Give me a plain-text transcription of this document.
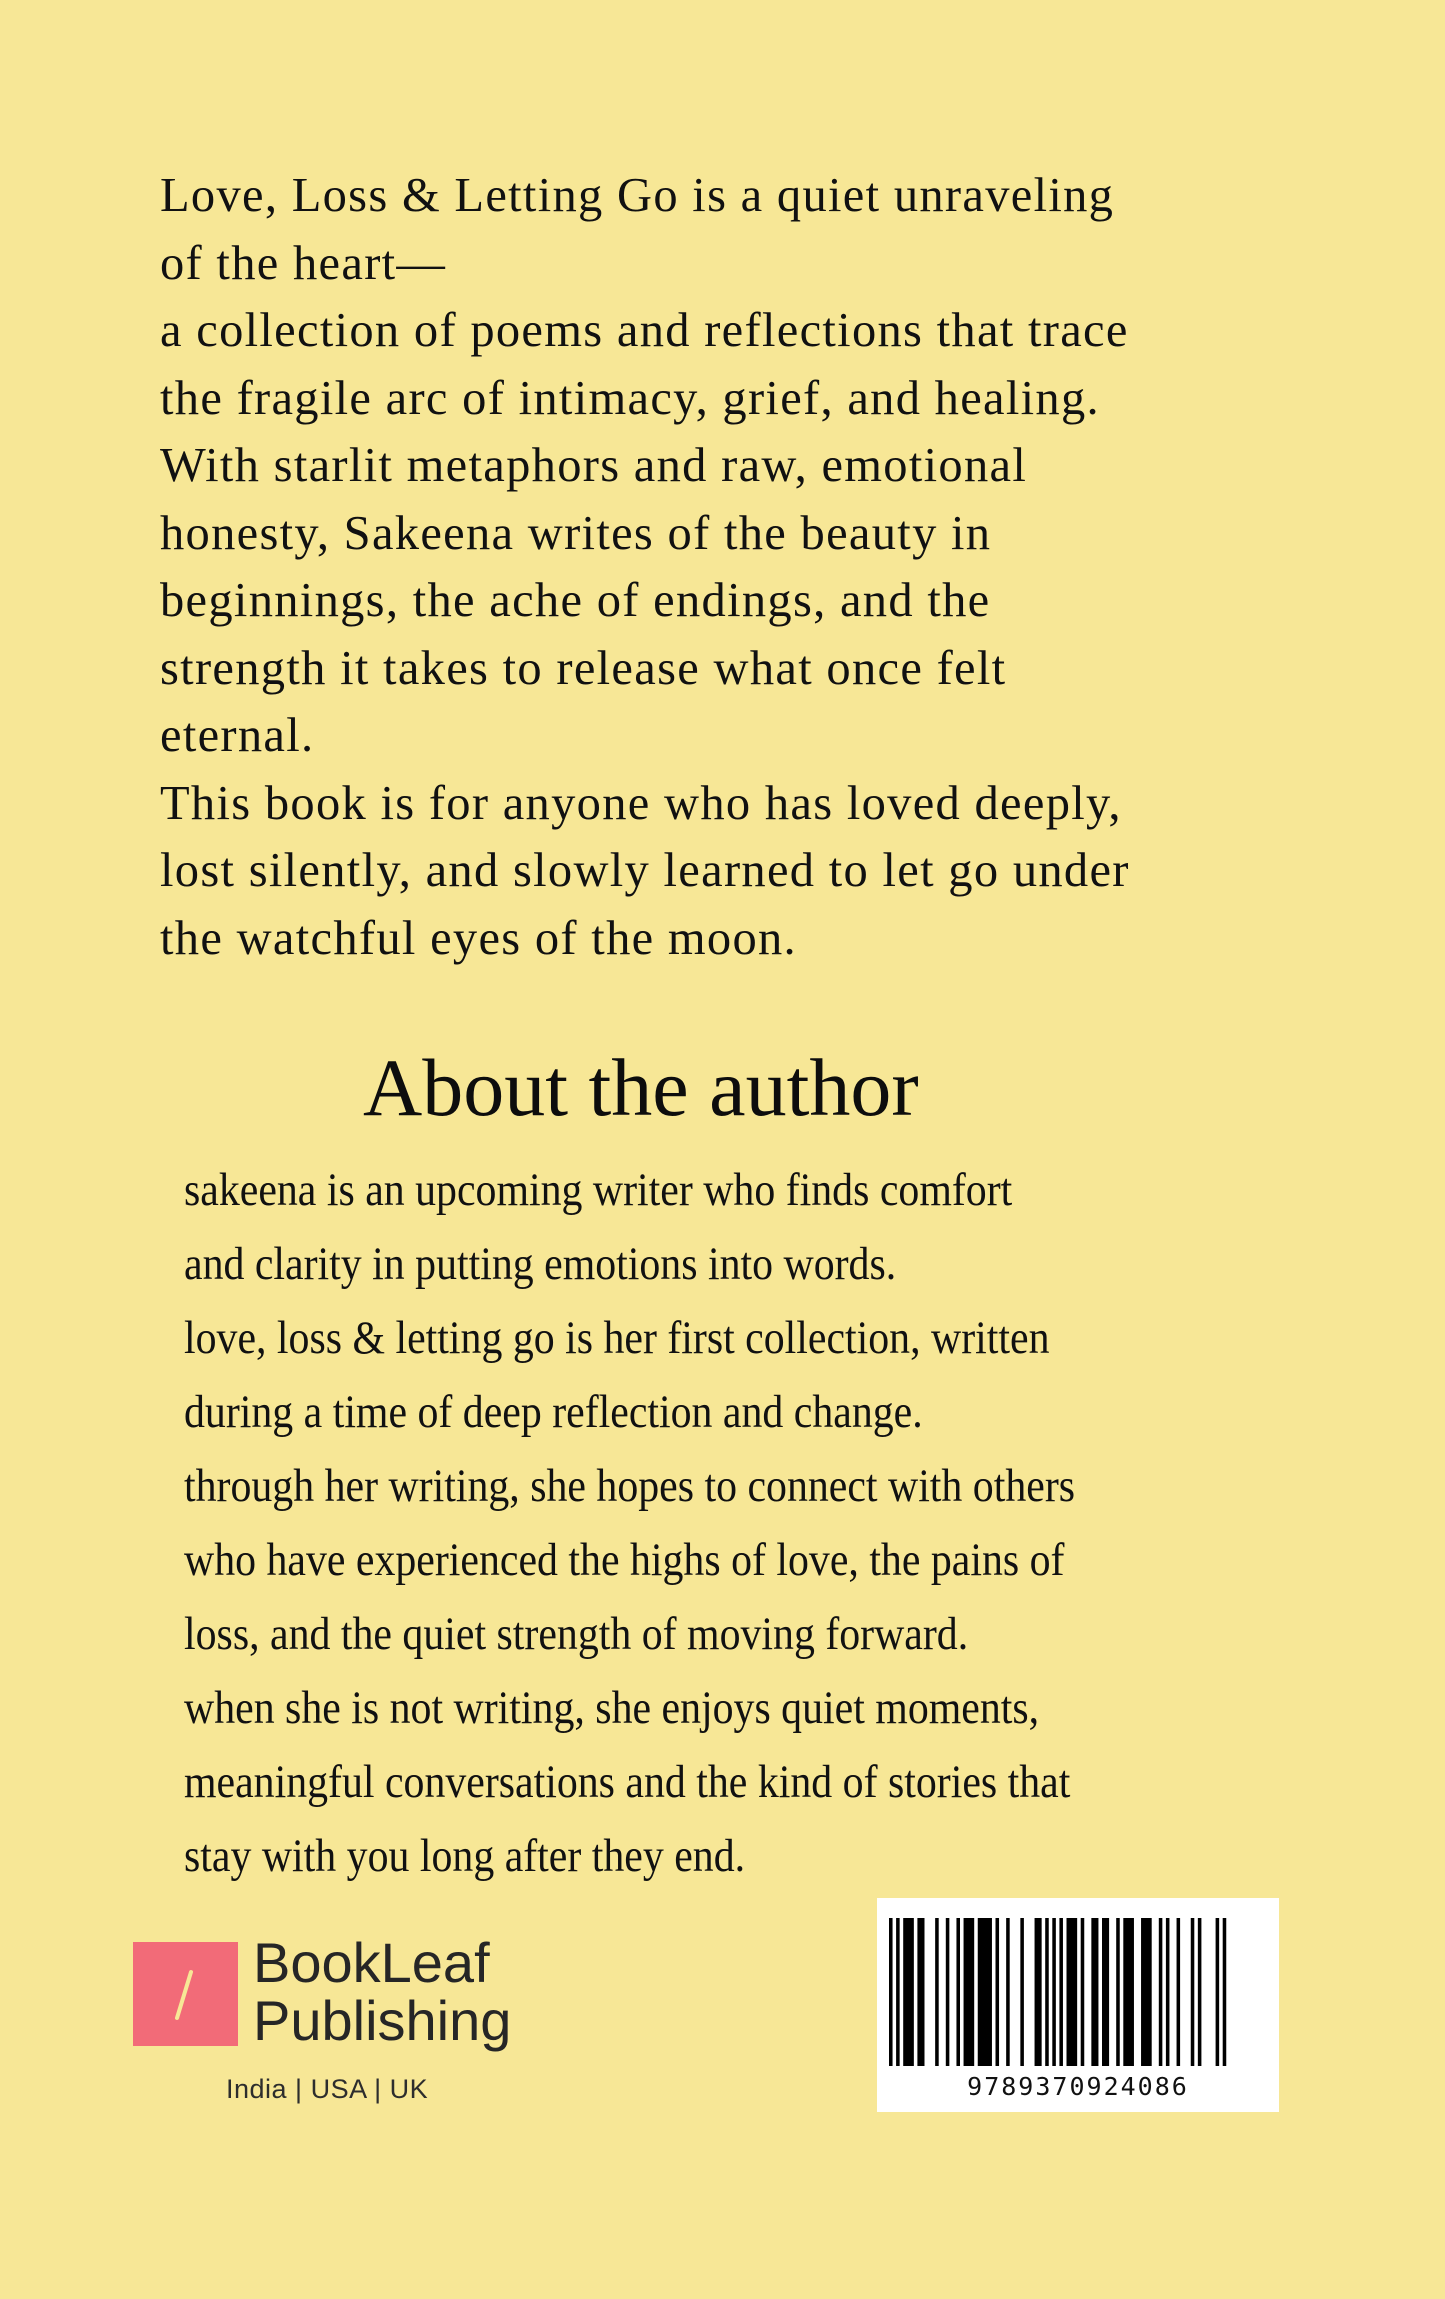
Love, Loss & Letting Go is a quiet unraveling
of the heart—
a collection of poems and reflections that trace
the fragile arc of intimacy, grief, and healing.
With starlit metaphors and raw, emotional
honesty, Sakeena writes of the beauty in
beginnings, the ache of endings, and the
strength it takes to release what once felt
eternal.
This book is for anyone who has loved deeply,
lost silently, and slowly learned to let go under
the watchful eyes of the moon.
About the author
sakeena is an upcoming writer who finds comfort
and clarity in putting emotions into words.
love, loss & letting go is her first collection, written
during a time of deep reflection and change.
through her writing, she hopes to connect with others
who have experienced the highs of love, the pains of
loss, and the quiet strength of moving forward.
when she is not writing, she enjoys quiet moments,
meaningful conversations and the kind of stories that
stay with you long after they end.
BookLeaf
Publishing
India | USA | UK	9789370924086
